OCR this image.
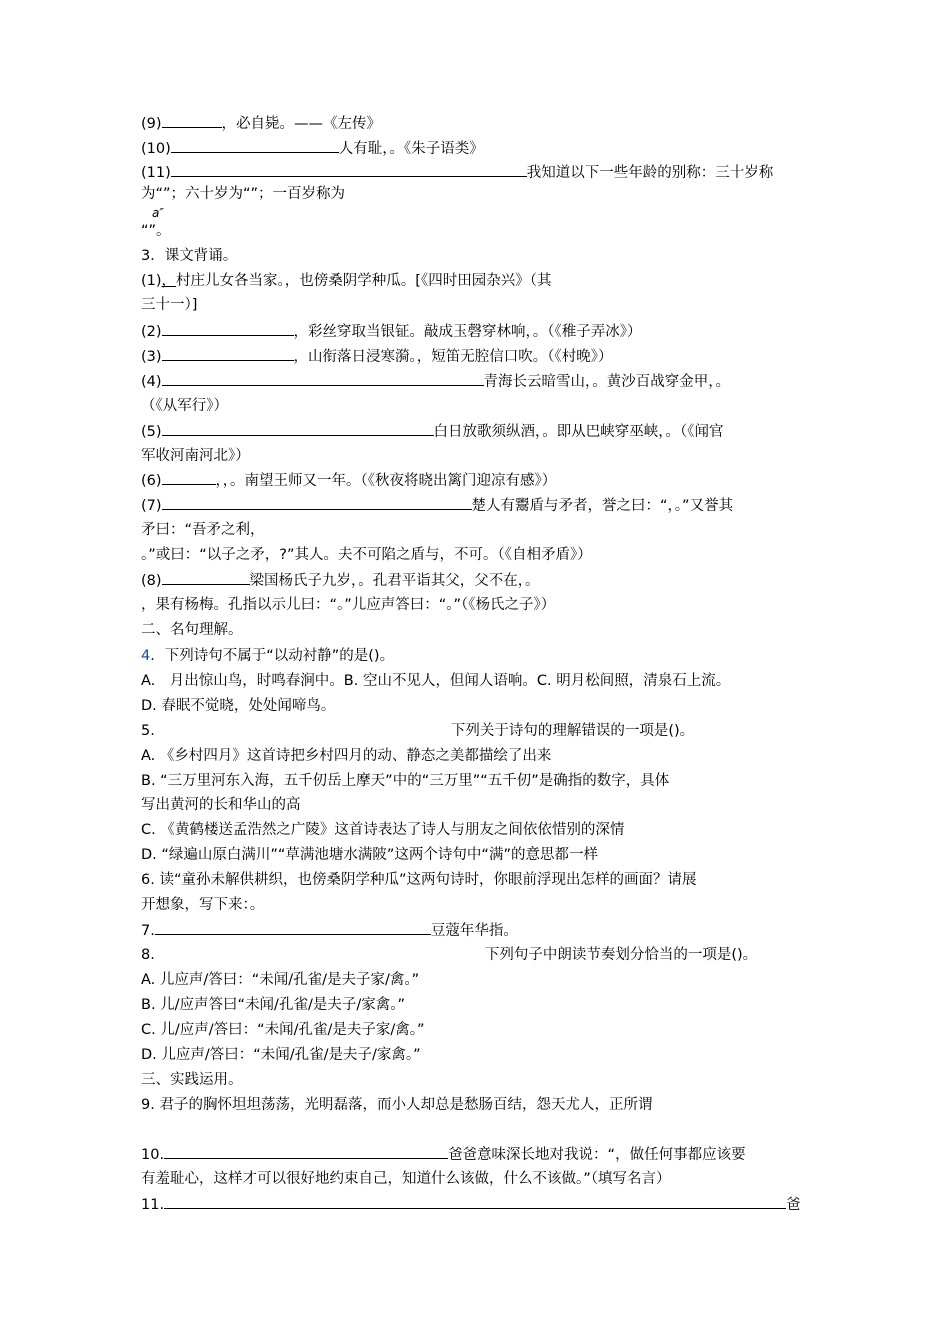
(9)	，必自毙。——《左传》
(10)	人有耻，。《朱子语类》
(11)	我知道以下一些年龄的别称：三十岁称
为“”；六十岁为“”；一百岁称为
a″
“”。
3．课文背诵。
(1)，村庄儿女各当家。，也傍桑阴学种瓜。[《四时田园杂兴》（其
三十一）]
(2)	，彩丝穿取当银钲。敲成玉磬穿林响，。（《稚子弄冰》）
(3)	，山衔落日浸寒漪。，短笛无腔信口吹。（《村晚》）
(4)	青海长云暗雪山，。黄沙百战穿金甲，。
（《从军行》）
(5)	白日放歌须纵酒，。即从巴峡穿巫峡，。（《闻官
军收河南河北》）
(6)	，，。南望王师又一年。（《秋夜将晓出篱门迎凉有感》）
(7)	楚人有鬻盾与矛者，誉之曰：“，。”又誉其
矛曰：“吾矛之利，
。”或曰：“以子之矛，?”其人。夫不可陷之盾与，不可。（《自相矛盾》）
(8)	梁国杨氏子九岁，。孔君平诣其父，父不在，。
，果有杨梅。孔指以示儿曰：“。”儿应声答曰：“。”（《杨氏之子》）
二、名句理解。
4．下列诗句不属于“以动衬静”的是()。
A.　月出惊山鸟，时鸣春涧中。B. 空山不见人，但闻人语响。C. 明月松间照，清泉石上流。
D. 春眠不觉晓，处处闻啼鸟。
5.	下列关于诗句的理解错误的一项是()。
A. 《乡村四月》这首诗把乡村四月的动、静态之美都描绘了出来
B. “三万里河东入海，五千仞岳上摩天”中的“三万里”“五千仞”是确指的数字，具体
写出黄河的长和华山的高
C. 《黄鹤楼送孟浩然之广陵》这首诗表达了诗人与朋友之间依依惜别的深情
D. “绿遍山原白满川”“草满池塘水满陂”这两个诗句中“满”的意思都一样
6. 读“童孙未解供耕织，也傍桑阴学种瓜”这两句诗时，你眼前浮现出怎样的画面？请展
开想象，写下来：。
7.	豆蔻年华指。
8.	下列句子中朗读节奏划分恰当的一项是()。
A. 儿应声/答曰：“未闻/孔雀/是夫子家/禽。”
B. 儿/应声答曰“未闻/孔雀/是夫子/家禽。”
C. 儿/应声/答曰：“未闻/孔雀/是夫子家/禽。”
D. 儿应声/答曰：“未闻/孔雀/是夫子/家禽。”
三、实践运用。
9. 君子的胸怀坦坦荡荡，光明磊落，而小人却总是愁肠百结，怨天尤人，正所谓
10.	爸爸意味深长地对我说：“，做任何事都应该要
有羞耻心，这样才可以很好地约束自己，知道什么该做，什么不该做。”（填写名言）
11.	爸
